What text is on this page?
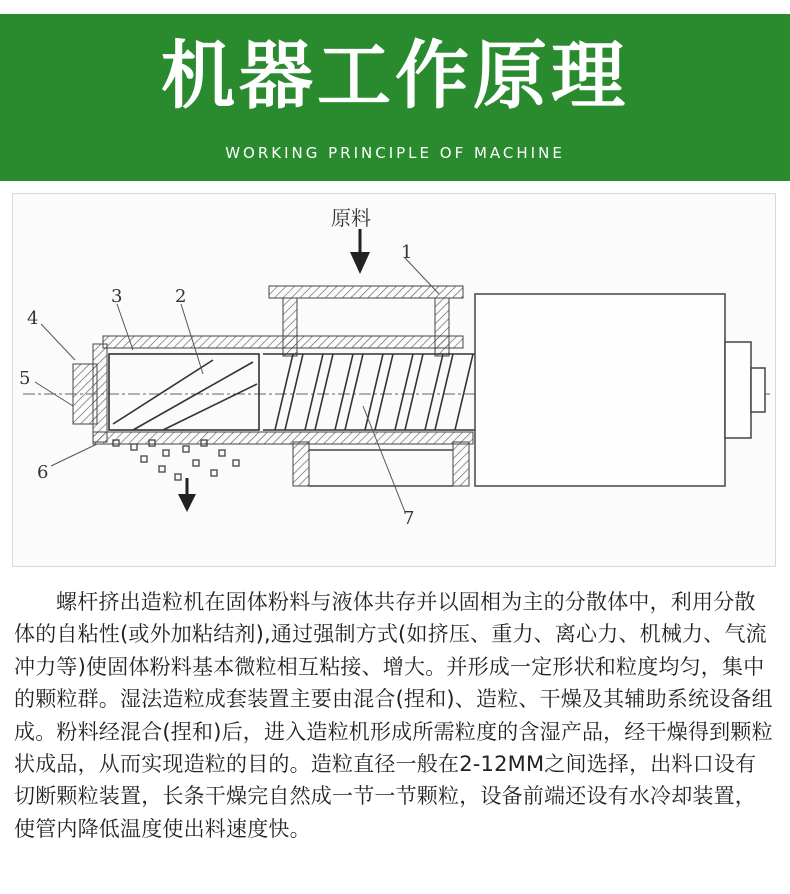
机器工作原理
WORKING PRINCIPLE OF MACHINE
原料
1
2
3
4
5
6
7
螺杆挤出造粒机在固体粉料与液体共存并以固相为主的分散体中，利用分散体的自粘性(或外加粘结剂),通过强制方式(如挤压、重力、离心力、机械力、气流冲力等)使固体粉料基本微粒相互粘接、增大。并形成一定形状和粒度均匀，集中的颗粒群。湿法造粒成套装置主要由混合(捏和)、造粒、干燥及其辅助系统设备组成。粉料经混合(捏和)后，进入造粒机形成所需粒度的含湿产品，经干燥得到颗粒状成品，从而实现造粒的目的。造粒直径一般在2-12MM之间选择，出料口设有切断颗粒装置，长条干燥完自然成一节一节颗粒，设备前端还设有水冷却装置，使管内降低温度使出料速度快。
